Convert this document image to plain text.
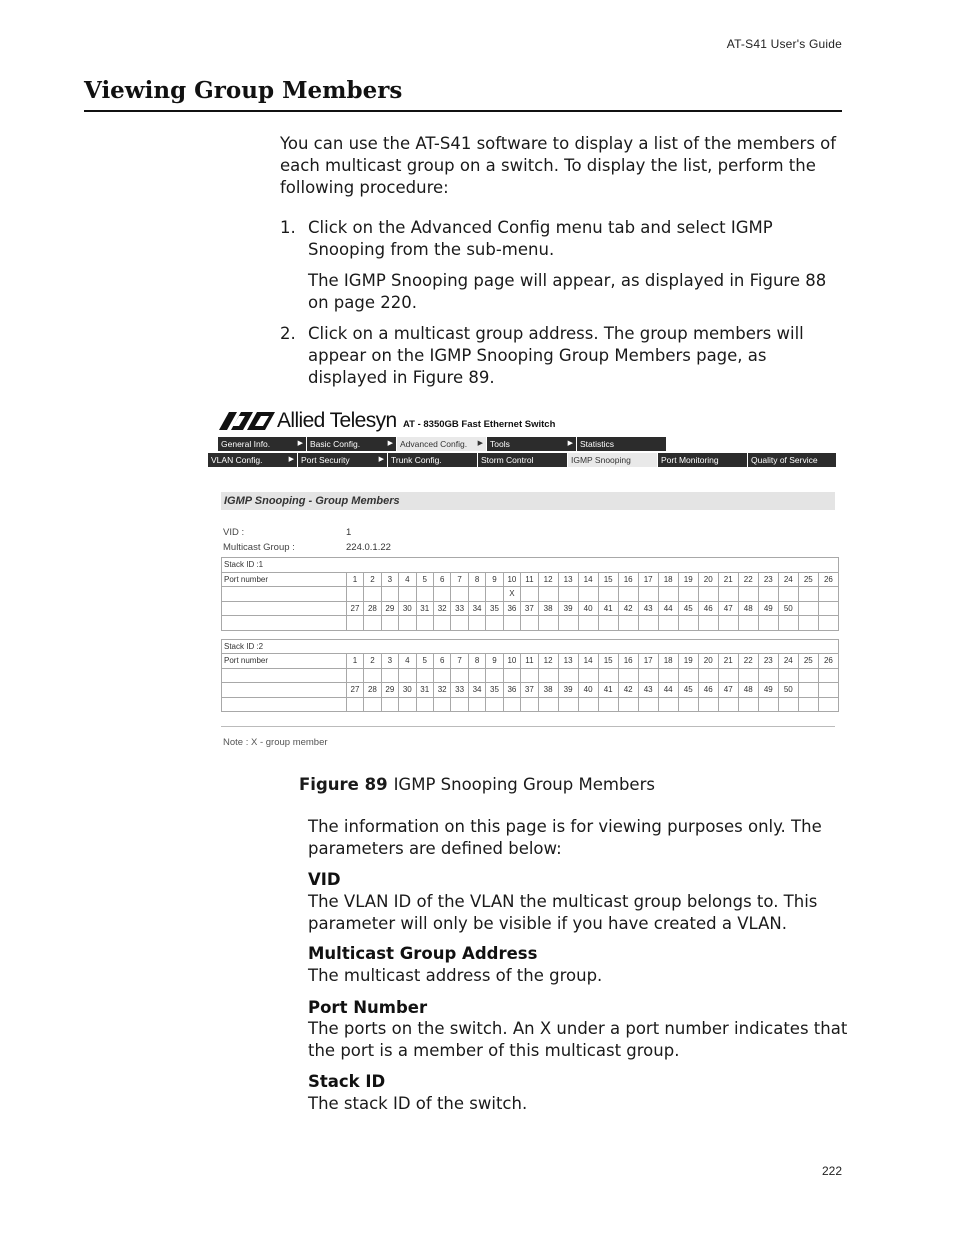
AT-S41 User's Guide
Viewing Group Members
You can use the AT-S41 software to display a list of the members of each multicast group on a switch. To display the list, perform the following procedure:
1. Click on the Advanced Config menu tab and select IGMP Snooping from the sub-menu.
The IGMP Snooping page will appear, as displayed in Figure 88 on page 220.
2. Click on a multicast group address. The group members will appear on the IGMP Snooping Group Members page, as displayed in Figure 89.
Allied Telesyn AT - 8350GB Fast Ethernet Switch
General Info.	▶ Basic Config.	▶ Advanced Config. ▶ Tools	▶ Statistics
VLAN Config.	▶ Port Security	▶ Trunk Config.	Storm Control	IGMP Snooping	Port Monitoring	Quality of Service
IGMP Snooping - Group Members
VID :	1
Multicast Group :	224.0.1.22
Stack ID :1																										
Port number	1	2	3	4	5	6	7	8	9	10	11	12	13	14	15	16	17	18	19	20	21	22	23	24	25	26
										X																
	27	28	29	30	31	32	33	34	35	36	37	38	39	40	41	42	43	44	45	46	47	48	49	50		

Stack ID :2																										
Port number	1	2	3	4	5	6	7	8	9	10	11	12	13	14	15	16	17	18	19	20	21	22	23	24	25	26

	27	28	29	30	31	32	33	34	35	36	37	38	39	40	41	42	43	44	45	46	47	48	49	50		

Note : X - group member
Figure 89 IGMP Snooping Group Members
The information on this page is for viewing purposes only. The parameters are defined below:
VID
The VLAN ID of the VLAN the multicast group belongs to. This parameter will only be visible if you have created a VLAN.
Multicast Group Address
The multicast address of the group.
Port Number
The ports on the switch. An X under a port number indicates that the port is a member of this multicast group.
Stack ID
The stack ID of the switch.
222
